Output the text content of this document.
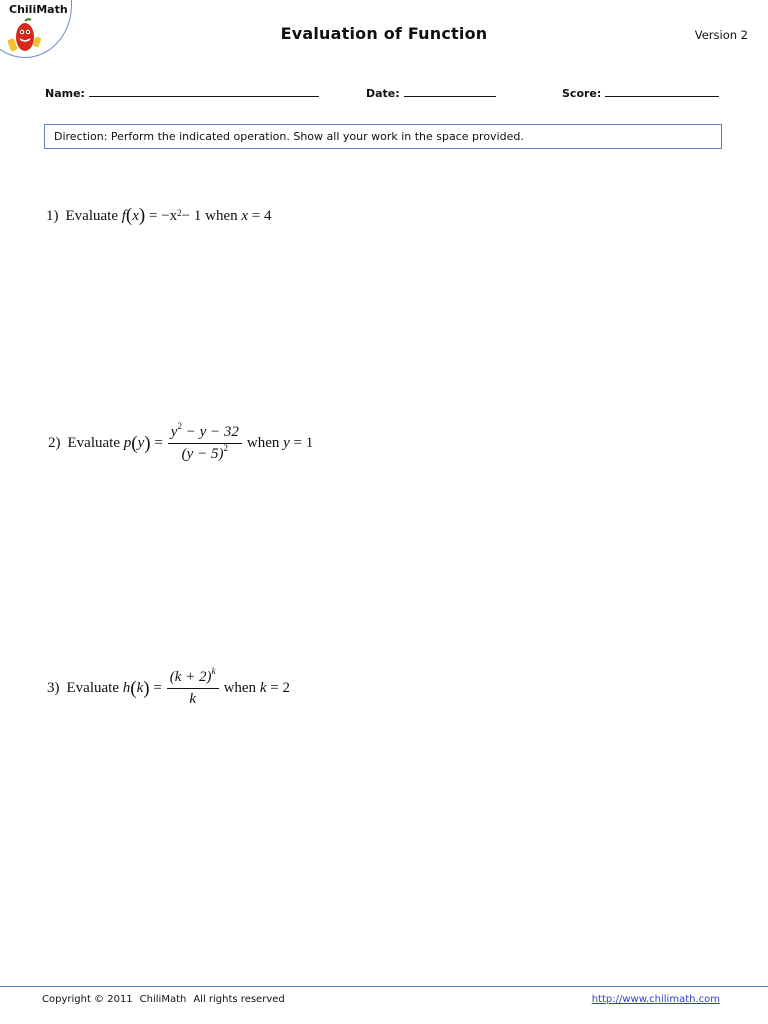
ChiliMath
Evaluation of Function	Version 2
Name:	Date:	Score:
Direction: Perform the indicated operation. Show all your work in the space provided.
1) Evaluate
f ( x )
= $-x^2 - 1$
when
x
= 4
2) Evaluate
p ( y ) = $\frac{y^2 - y - 32}{(y - 5)^2}$ when
y
= 1
3) Evaluate
h ( k ) = $\frac{(k + 2)^k}{k}$ when
k
= 2
Copyright © 2011 ChiliMath All rights reserved	http://www.chilimath.com
